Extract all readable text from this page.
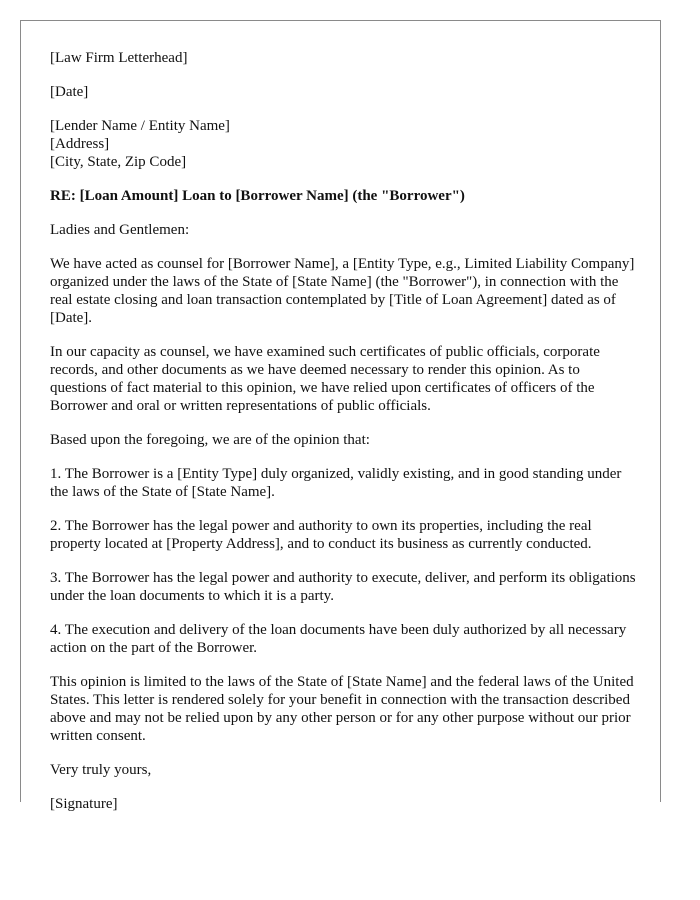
[Law Firm Letterhead]

[Date]

[Lender Name / Entity Name]
[Address]
[City, State, Zip Code]

RE: [Loan Amount] Loan to [Borrower Name] (the "Borrower")

Ladies and Gentlemen:

We have acted as counsel for [Borrower Name], a [Entity Type, e.g., Limited Liability Company] organized under the laws of the State of [State Name] (the "Borrower"), in connection with the real estate closing and loan transaction contemplated by [Title of Loan Agreement] dated as of [Date].

In our capacity as counsel, we have examined such certificates of public officials, corporate records, and other documents as we have deemed necessary to render this opinion. As to questions of fact material to this opinion, we have relied upon certificates of officers of the Borrower and oral or written representations of public officials.

Based upon the foregoing, we are of the opinion that:

1. The Borrower is a [Entity Type] duly organized, validly existing, and in good standing under the laws of the State of [State Name].

2. The Borrower has the legal power and authority to own its properties, including the real property located at [Property Address], and to conduct its business as currently conducted.

3. The Borrower has the legal power and authority to execute, deliver, and perform its obligations under the loan documents to which it is a party.

4. The execution and delivery of the loan documents have been duly authorized by all necessary action on the part of the Borrower.

This opinion is limited to the laws of the State of [State Name] and the federal laws of the United States. This letter is rendered solely for your benefit in connection with the transaction described above and may not be relied upon by any other person or for any other purpose without our prior written consent.

Very truly yours,

[Signature]
